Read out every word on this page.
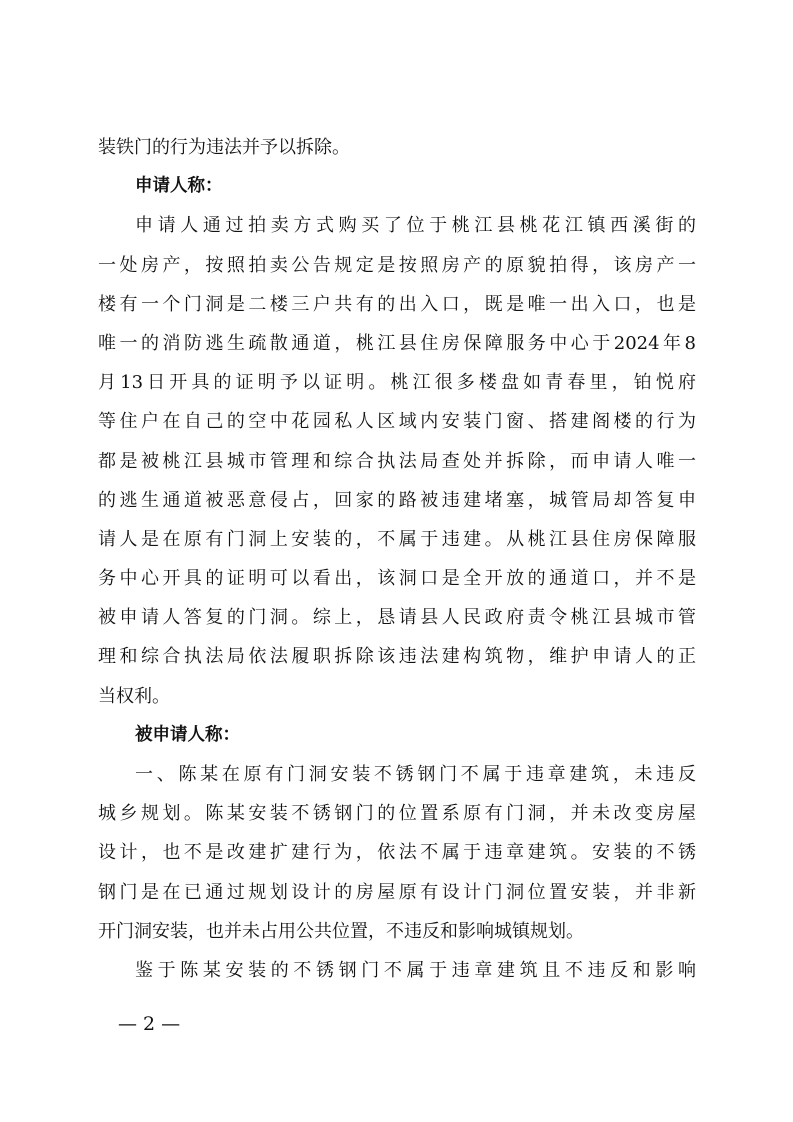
装铁门的行为违法并予以拆除。
申请人称：
申请人通过拍卖方式购买了位于桃江县桃花江镇西溪街的
一处房产，按照拍卖公告规定是按照房产的原貌拍得，该房产一
楼有一个门洞是二楼三户共有的出入口，既是唯一出入口，也是
唯一的消防逃生疏散通道，桃江县住房保障服务中心于2024年8
月13日开具的证明予以证明。桃江很多楼盘如青春里，铂悦府
等住户在自己的空中花园私人区域内安装门窗、搭建阁楼的行为
都是被桃江县城市管理和综合执法局查处并拆除，而申请人唯一
的逃生通道被恶意侵占，回家的路被违建堵塞，城管局却答复申
请人是在原有门洞上安装的，不属于违建。从桃江县住房保障服
务中心开具的证明可以看出，该洞口是全开放的通道口，并不是
被申请人答复的门洞。综上，恳请县人民政府责令桃江县城市管
理和综合执法局依法履职拆除该违法建构筑物，维护申请人的正
当权利。
被申请人称：
一、陈某在原有门洞安装不锈钢门不属于违章建筑，未违反
城乡规划。陈某安装不锈钢门的位置系原有门洞，并未改变房屋
设计，也不是改建扩建行为，依法不属于违章建筑。安装的不锈
钢门是在已通过规划设计的房屋原有设计门洞位置安装，并非新
开门洞安装，也并未占用公共位置，不违反和影响城镇规划。
鉴于陈某安装的不锈钢门不属于违章建筑且不违反和影响
— 2 —
